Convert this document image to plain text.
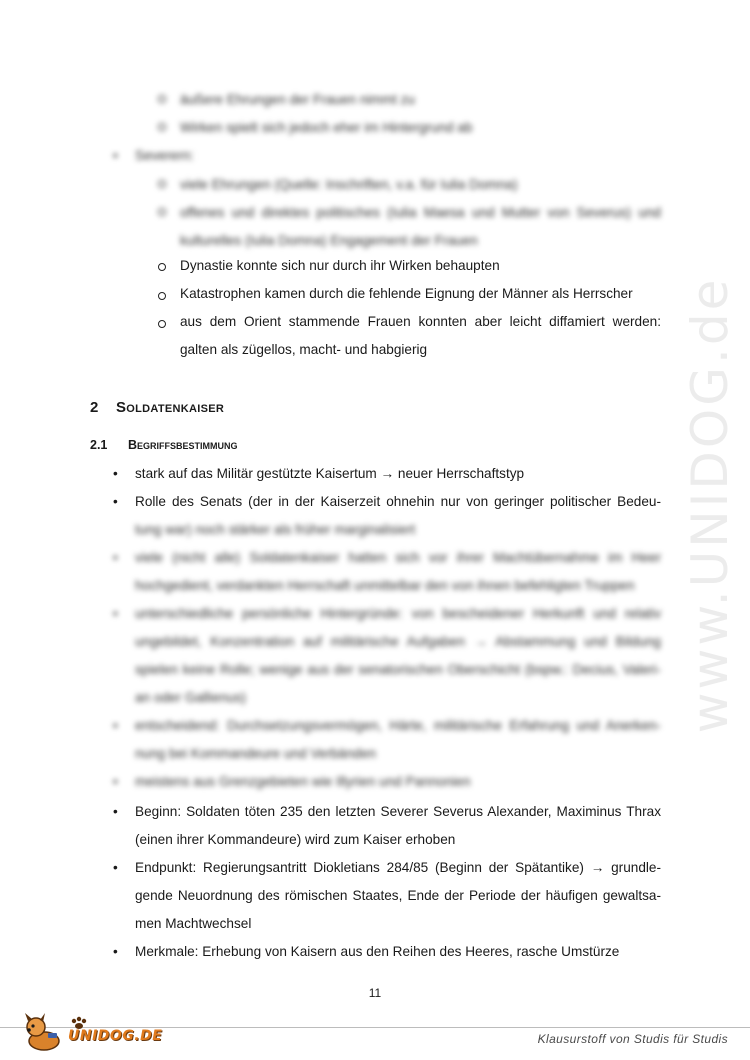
www.UNIDOG.de
äußere Ehrungen der Frauen nimmt zu
Wirken spielt sich jedoch eher im Hintergrund ab
• Severern:
viele Ehrungen (Quelle: Inschriften, v.a. für Iulia Domna)
offenes und direktes politisches (Iulia Maesa und Mutter von Severus) und
kulturelles (Iulia Domna) Engagement der Frauen
Dynastie konnte sich nur durch ihr Wirken behaupten
Katastrophen kamen durch die fehlende Eignung der Männer als Herrscher
aus dem Orient stammende Frauen konnten aber leicht diffamiert werden:
galten als zügellos, macht- und habgierig
2 Soldatenkaiser
2.1 Begriffsbestimmung
• stark auf das Militär gestützte Kaisertum → neuer Herrschaftstyp
• Rolle des Senats (der in der Kaiserzeit ohnehin nur von geringer politischer Bedeu-
tung war) noch stärker als früher marginalisiert
• viele (nicht alle) Soldatenkaiser hatten sich vor ihrer Machtübernahme im Heer
hochgedient, verdankten Herrschaft unmittelbar den von ihnen befehligten Truppen
• unterschiedliche persönliche Hintergründe: von bescheidener Herkunft und relativ
ungebildet, Konzentration auf militärische Aufgaben → Abstammung und Bildung
spielen keine Rolle; wenige aus der senatorischen Oberschicht (bspw.: Decius, Valeri-
an oder Gallienus)
• entscheidend: Durchsetzungsvermögen, Härte, militärische Erfahrung und Anerken-
nung bei Kommandeure und Verbänden
• meistens aus Grenzgebieten wie Illyrien und Pannonien
• Beginn: Soldaten töten 235 den letzten Severer Severus Alexander, Maximinus Thrax
(einen ihrer Kommandeure) wird zum Kaiser erhoben
• Endpunkt: Regierungsantritt Diokletians 284/85 (Beginn der Spätantike) → grundle-
gende Neuordnung des römischen Staates, Ende der Periode der häufigen gewaltsa-
men Machtwechsel
• Merkmale: Erhebung von Kaisern aus den Reihen des Heeres, rasche Umstürze
11
UNIDOG.DE	Klausurstoff von Studis für Studis
